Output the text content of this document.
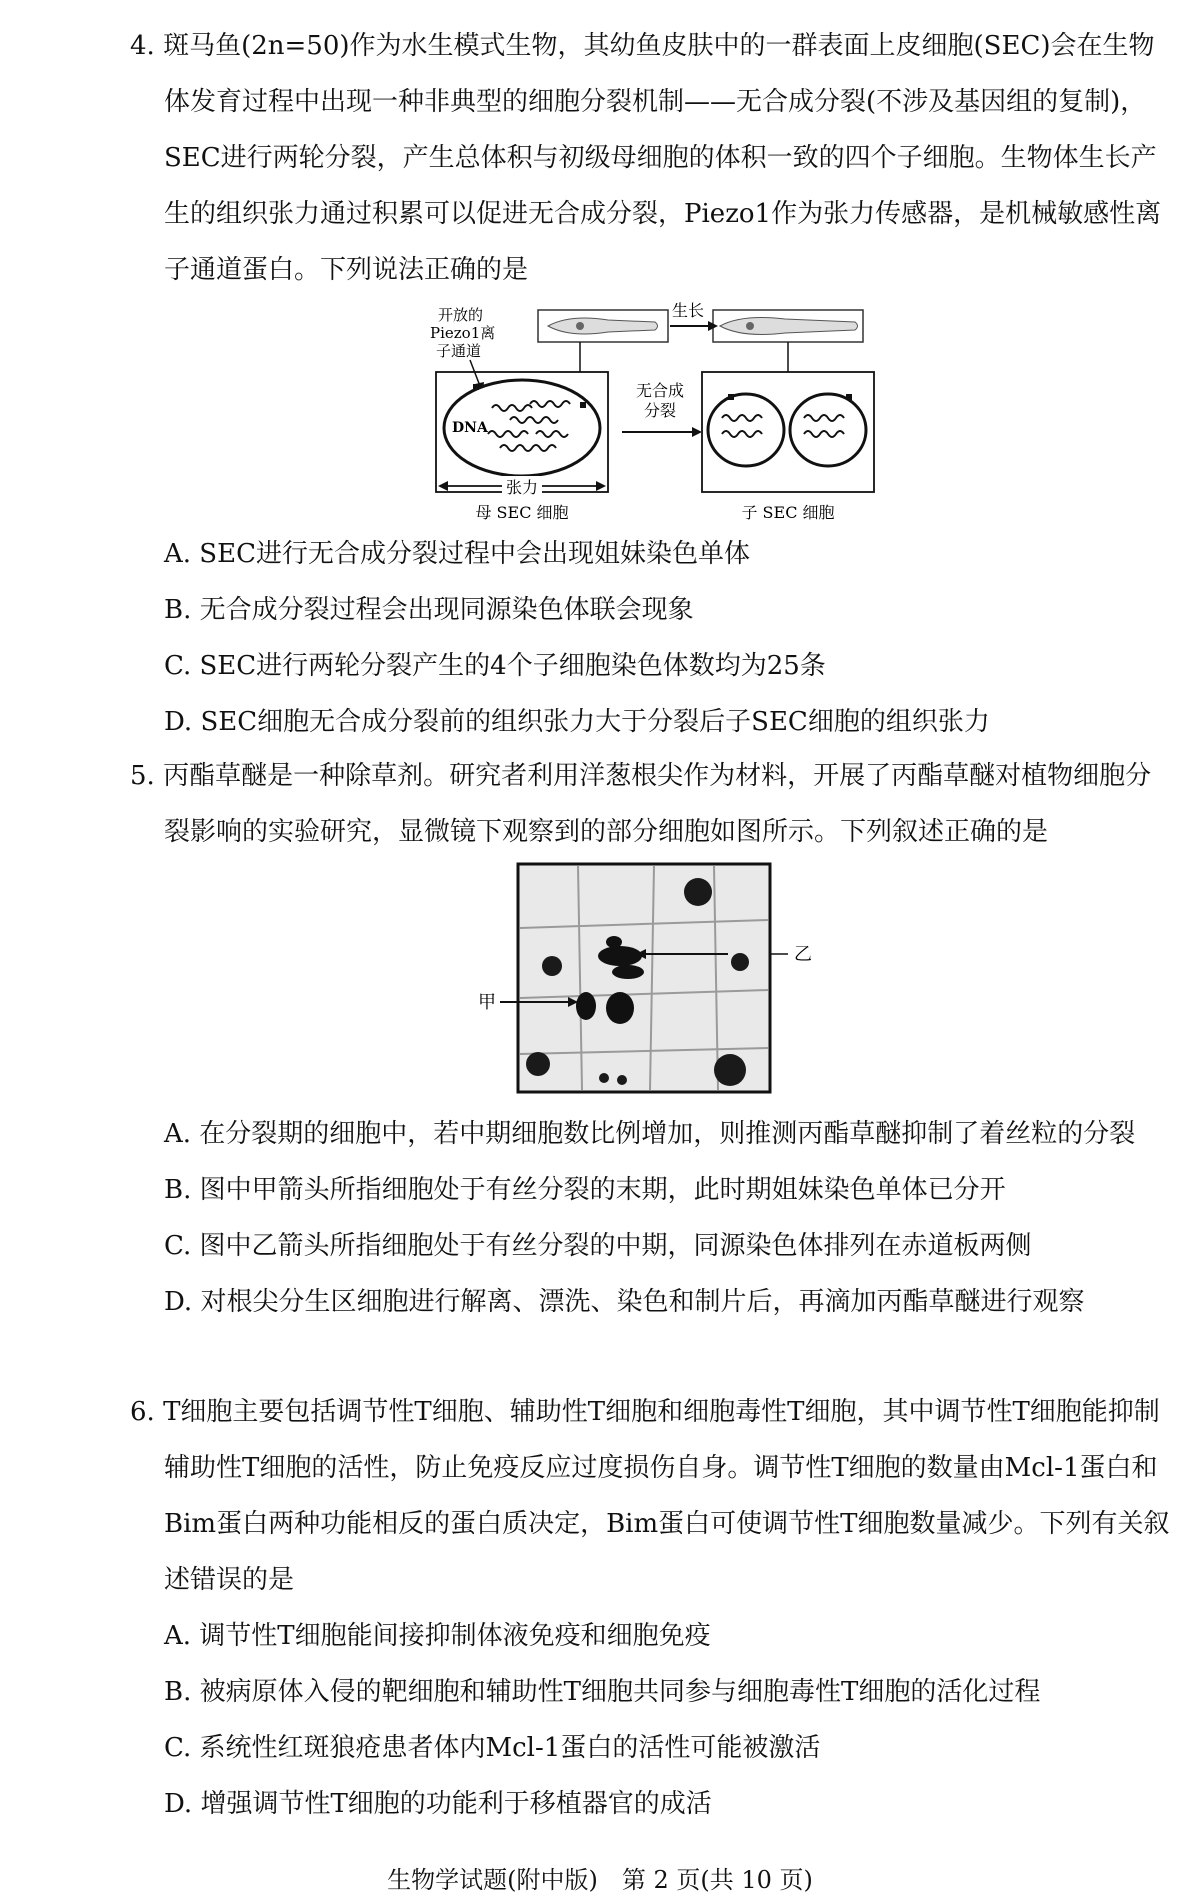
4. 斑马鱼(2n=50)作为水生模式生物，其幼鱼皮肤中的一群表面上皮细胞(SEC)会在生物体发育过程中出现一种非典型的细胞分裂机制——无合成分裂(不涉及基因组的复制)，SEC进行两轮分裂，产生总体积与初级母细胞的体积一致的四个子细胞。生物体生长产生的组织张力通过积累可以促进无合成分裂，Piezo1作为张力传感器，是机械敏感性离子通道蛋白。下列说法正确的是

生长
开放的
Piezo1离
子通道
DNA
张力
母 SEC 细胞
无合成
分裂
子 SEC 细胞

A. SEC进行无合成分裂过程中会出现姐妹染色单体

B. 无合成分裂过程会出现同源染色体联会现象

C. SEC进行两轮分裂产生的4个子细胞染色体数均为25条

D. SEC细胞无合成分裂前的组织张力大于分裂后子SEC细胞的组织张力

5. 丙酯草醚是一种除草剂。研究者利用洋葱根尖作为材料，开展了丙酯草醚对植物细胞分裂影响的实验研究，显微镜下观察到的部分细胞如图所示。下列叙述正确的是

乙
甲

A. 在分裂期的细胞中，若中期细胞数比例增加，则推测丙酯草醚抑制了着丝粒的分裂

B. 图中甲箭头所指细胞处于有丝分裂的末期，此时期姐妹染色单体已分开

C. 图中乙箭头所指细胞处于有丝分裂的中期，同源染色体排列在赤道板两侧

D. 对根尖分生区细胞进行解离、漂洗、染色和制片后，再滴加丙酯草醚进行观察

6. T细胞主要包括调节性T细胞、辅助性T细胞和细胞毒性T细胞，其中调节性T细胞能抑制辅助性T细胞的活性，防止免疫反应过度损伤自身。调节性T细胞的数量由Mcl-1蛋白和Bim蛋白两种功能相反的蛋白质决定，Bim蛋白可使调节性T细胞数量减少。下列有关叙述错误的是

A. 调节性T细胞能间接抑制体液免疫和细胞免疫

B. 被病原体入侵的靶细胞和辅助性T细胞共同参与细胞毒性T细胞的活化过程

C. 系统性红斑狼疮患者体内Mcl-1蛋白的活性可能被激活

D. 增强调节性T细胞的功能利于移植器官的成活

生物学试题(附中版)　第 2 页(共 10 页)
